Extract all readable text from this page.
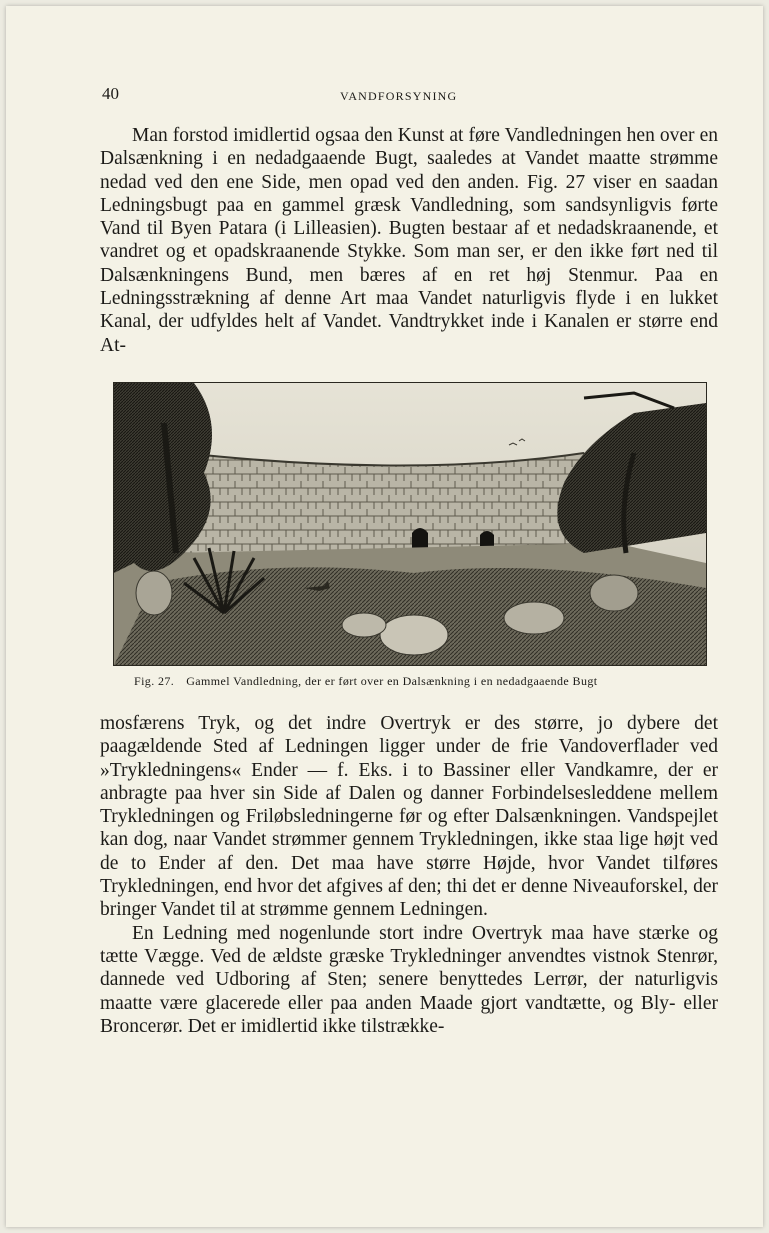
40	VANDFORSYNING

Man forstod imidlertid ogsaa den Kunst at føre Vandledningen hen over en Dalsænkning i en nedadgaaende Bugt, saaledes at Vandet maatte strømme nedad ved den ene Side, men opad ved den anden. Fig. 27 viser en saadan Ledningsbugt paa en gammel græsk Vandledning, som sandsynligvis førte Vand til Byen Patara (i Lilleasien). Bugten bestaar af et nedadskraanende, et vandret og et opadskraanende Stykke. Som man ser, er den ikke ført ned til Dalsænkningens Bund, men bæres af en ret høj Stenmur. Paa en Ledningsstrækning af denne Art maa Vandet naturligvis flyde i en lukket Kanal, der udfyldes helt af Vandet. Vandtrykket inde i Kanalen er større end At-

Fig. 27. Gammel Vandledning, der er ført over en Dalsænkning i en nedadgaaende Bugt

mosfærens Tryk, og det indre Overtryk er des større, jo dybere det paagældende Sted af Ledningen ligger under de frie Vandoverflader ved »Trykledningens« Ender — f. Eks. i to Bassiner eller Vandkamre, der er anbragte paa hver sin Side af Dalen og danner Forbindelsesleddene mellem Trykledningen og Friløbsledningerne før og efter Dalsænkningen. Vandspejlet kan dog, naar Vandet strømmer gennem Trykledningen, ikke staa lige højt ved de to Ender af den. Det maa have større Højde, hvor Vandet tilføres Trykledningen, end hvor det afgives af den; thi det er denne Niveauforskel, der bringer Vandet til at strømme gennem Ledningen.

En Ledning med nogenlunde stort indre Overtryk maa have stærke og tætte Vægge. Ved de ældste græske Trykledninger anvendtes vistnok Stenrør, dannede ved Udboring af Sten; senere benyttedes Lerrør, der naturligvis maatte være glacerede eller paa anden Maade gjort vandtætte, og Bly- eller Broncerør. Det er imidlertid ikke tilstrække-
